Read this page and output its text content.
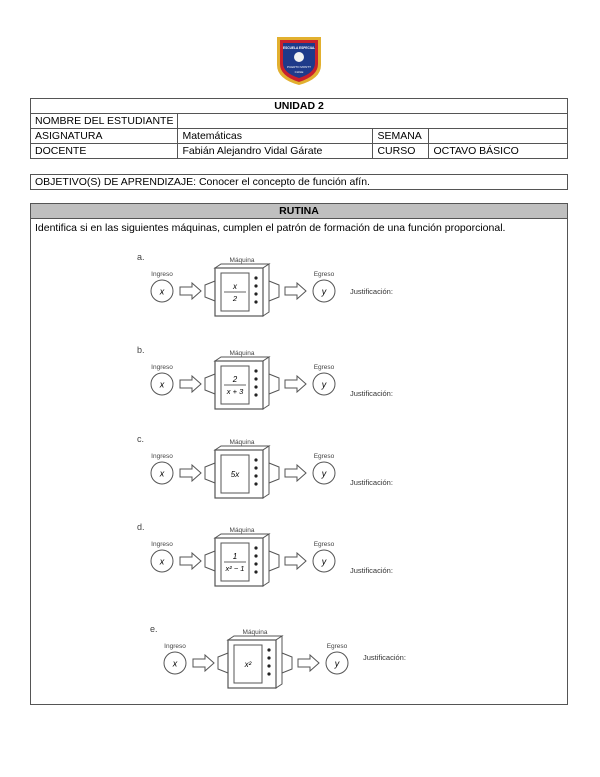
ESCUELA ESPECIAL
PUERTO MONTT
CHILE
UNIDAD 2			
NOMBRE DEL ESTUDIANTE			
ASIGNATURA	Matemáticas	SEMANA	
DOCENTE	Fabián Alejandro Vidal Gárate	CURSO	OCTAVO BÁSICO
OBJETIVO(S) DE APRENDIZAJE: Conocer el concepto de función afín.
RUTINA
Identifica si en las siguientes máquinas, cumplen el patrón de formación de una función proporcional.
a.
Ingreso
x
Máquina
x
2
Egreso
y	Justificación:
b.
Ingreso
x
Máquina
2
x + 3
Egreso
y
Justificación:
c.
Ingreso
x
Máquina
5x
Egreso
y
Justificación:
d.
Ingreso
x
Máquina
1
x² − 1
Egreso
y
Justificación:
e.
Ingreso
x
Máquina
x²
Egreso
y
Justificación:
